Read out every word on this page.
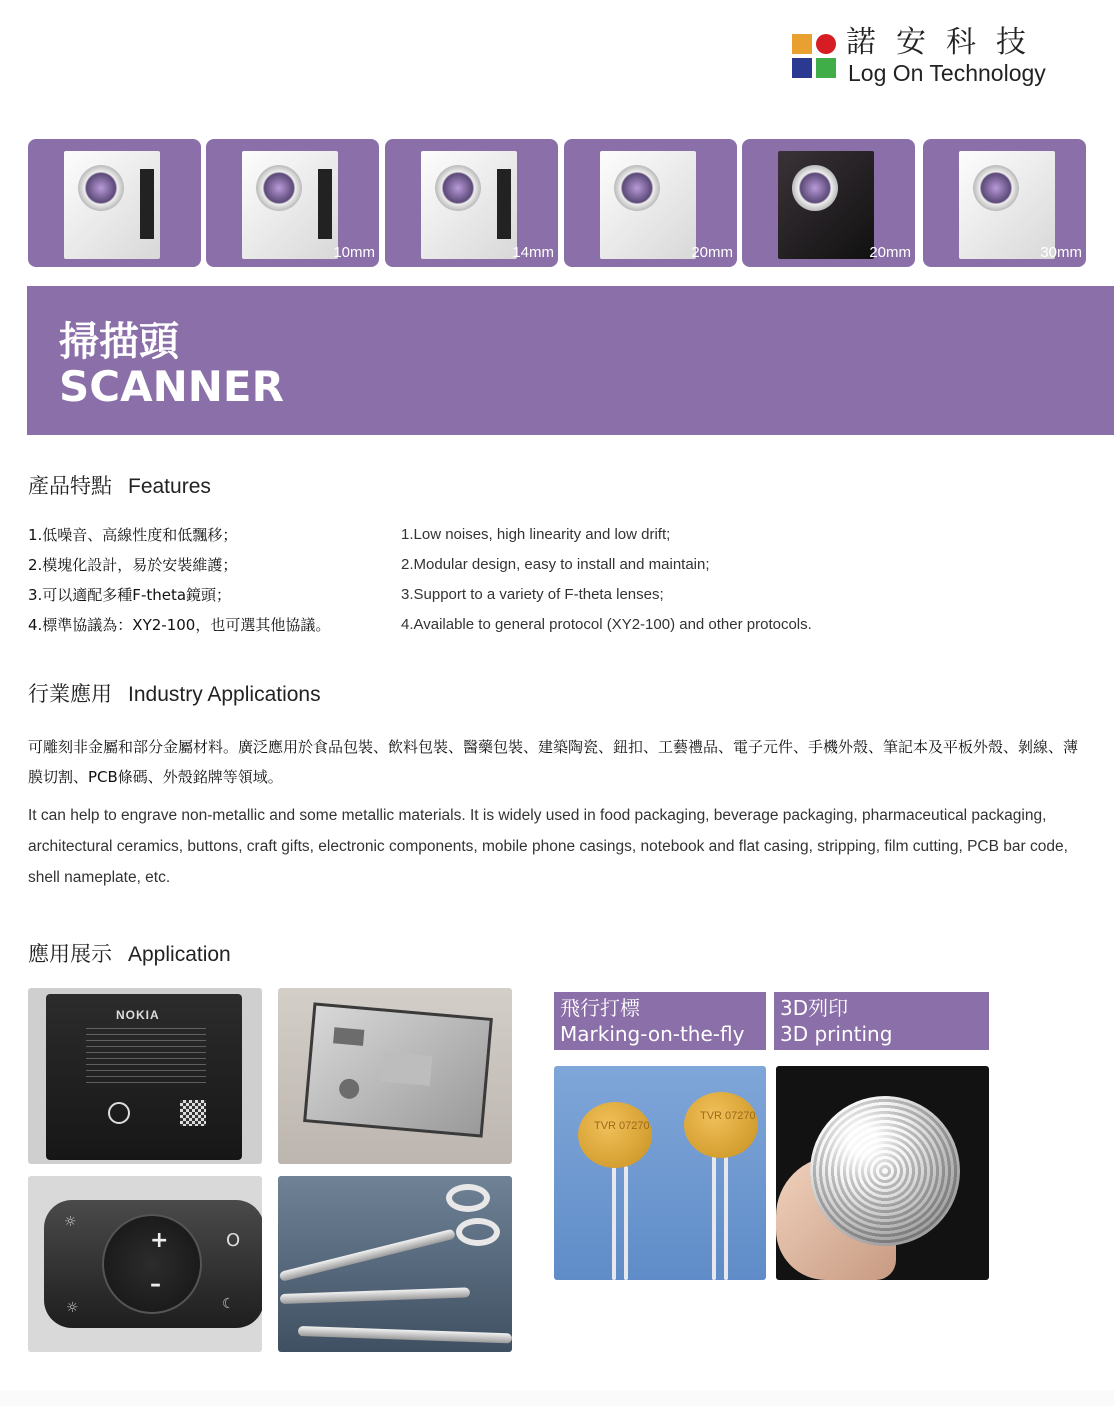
諾安科技
Log On Technology
10mm	14mm	20mm	20mm	30mm
掃描頭
SCANNER
產品特點 Features
1.低噪音、高線性度和低飄移；
2.模塊化設計，易於安裝維護；
3.可以適配多種F-theta鏡頭；
4.標準協議為：XY2-100，也可選其他協議。
1.Low noises, high linearity and low drift;
2.Modular design, easy to install and maintain;
3.Support to a variety of F-theta lenses;
4.Available to general protocol (XY2-100) and other protocols.
行業應用 Industry Applications
可雕刻非金屬和部分金屬材料。廣泛應用於食品包裝、飲料包裝、醫藥包裝、建築陶瓷、鈕扣、工藝禮品、電子元件、手機外殼、筆記本及平板外殼、剝線、薄膜切割、PCB條碼、外殼銘牌等領域。
It can help to engrave non-metallic and some metallic materials. It is widely used in food packaging, beverage packaging, pharmaceutical packaging, architectural ceramics, buttons, craft gifts, electronic components, mobile phone casings, notebook and flat casing, stripping, film cutting, PCB bar code, shell nameplate, etc.
應用展示 Application
NOKIA
+
–
O
☼
☼	☾
飛行打標
Marking-on-the-fly
3D列印
3D printing
TVR 07270
TVR 07270
